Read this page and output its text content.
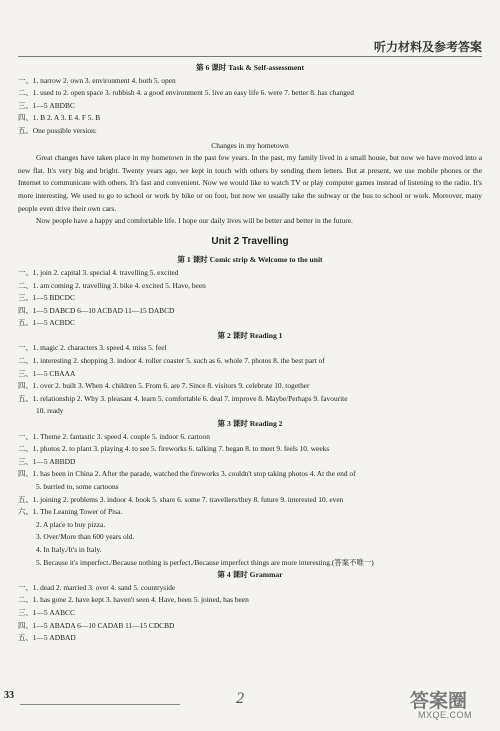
听力材料及参考答案
第 6 课时 Task & Self-assessment
一、1. narrow 2. own 3. environment 4. both 5. open
二、1. used to 2. open space 3. rubbish 4. a good environment 5. live an easy life 6. were 7. better 8. has changed
三、1—5 ABDBC
四、1. B 2. A 3. E 4. F 5. B
五、One possible version:
Changes in my hometown
Great changes have taken place in my hometown in the past few years. In the past, my family lived in a small house, but now we have moved into a new flat. It's very big and bright. Twenty years ago, we kept in touch with others by sending them letters. But at present, we use mobile phones or the Internet to communicate with others. It's fast and convenient. Now we would like to watch TV or play computer games instead of listening to the radio. It's more interesting. We used to go to school or work by bike or on foot, but now we usually take the subway or the bus to school or work. Moreover, many people even drive their own cars.
Now people have a happy and comfortable life. I hope our daily lives will be better and better in the future.
Unit 2 Travelling
第 1 课时 Comic strip & Welcome to the unit
一、1. join 2. capital 3. special 4. travelling 5. excited
二、1. am coming 2. travelling 3. bike 4. excited 5. Have, been
三、1—5 BDCDC
四、1—5 DABCD 6—10 ACBAD 11—15 DABCD
五、1—5 ACBDC
第 2 课时 Reading 1
一、1. magic 2. characters 3. speed 4. miss 5. feel
二、1. interesting 2. shopping 3. indoor 4. roller coaster 5. such as 6. whole 7. photos 8. the best part of
三、1—5 CBAAA
四、1. over 2. built 3. When 4. children 5. From 6. are 7. Since 8. visitors 9. celebrate 10. together
五、1. relationship 2. Why 3. pleasant 4. learn 5. comfortable 6. deal 7. improve 8. Maybe/Perhaps 9. favourite
10. ready
第 3 课时 Reading 2
一、1. Theme 2. fantastic 3. speed 4. couple 5. indoor 6. cartoon
二、1. photos 2. to plant 3. playing 4. to see 5. fireworks 6. talking 7. began 8. to meet 9. feels 10. weeks
三、1—5 ABBDD
四、1. has been in China 2. After the parade, watched the fireworks 3. couldn't stop taking photos 4. At the end of
5. burried to, some cartoons
五、1. joining 2. problems 3. indoor 4. book 5. share 6. some 7. travellers/they 8. future 9. interested 10. even
六、1. The Leaning Tower of Pisa.
2. A place to buy pizza.
3. Over/More than 600 years old.
4. In Italy./It's in Italy.
5. Because it's imperfect./Because nothing is perfect./Because imperfect things are more interesting.(答案不唯一)
第 4 课时 Grammar
一、1. dead 2. married 3. over 4. sand 5. countryside
二、1. has gone 2. have kept 3. haven't seen 4. Have, been 5. joined, has been
三、1—5 AABCC
四、1—5 ABADA 6—10 CADAB 11—15 CDCBD
五、1—5 ADBAD
33	2	答案圈
MXQE.COM
